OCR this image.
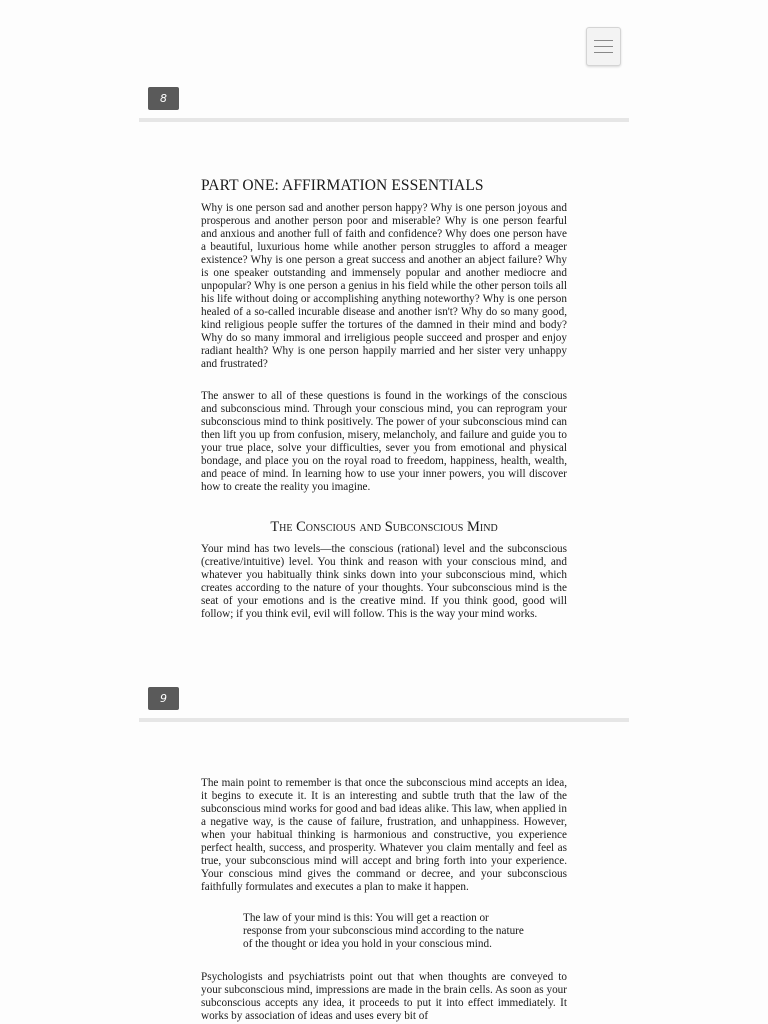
8
PART ONE: AFFIRMATION ESSENTIALS

Why is one person sad and another person happy? Why is one person joyous and prosperous and another person poor and miserable? Why is one person fearful and anxious and another full of faith and confidence? Why does one person have a beautiful, luxurious home while another person struggles to afford a meager existence? Why is one person a great success and another an abject failure? Why is one speaker outstanding and immensely popular and another mediocre and unpopular? Why is one person a genius in his field while the other person toils all his life without doing or accomplishing anything noteworthy? Why is one person healed of a so-called incurable disease and another isn't? Why do so many good, kind religious people suffer the tortures of the damned in their mind and body? Why do so many immoral and irreligious people succeed and prosper and enjoy radiant health? Why is one person happily married and her sister very unhappy and frustrated?

The answer to all of these questions is found in the workings of the conscious and subconscious mind. Through your conscious mind, you can reprogram your subconscious mind to think positively. The power of your subconscious mind can then lift you up from confusion, misery, melancholy, and failure and guide you to your true place, solve your difficulties, sever you from emotional and physical bondage, and place you on the royal road to freedom, happiness, health, wealth, and peace of mind. In learning how to use your inner powers, you will discover how to create the reality you imagine.

The Conscious and Subconscious Mind

Your mind has two levels—the conscious (rational) level and the subconscious (creative/intuitive) level. You think and reason with your conscious mind, and whatever you habitually think sinks down into your subconscious mind, which creates according to the nature of your thoughts. Your subconscious mind is the seat of your emotions and is the creative mind. If you think good, good will follow; if you think evil, evil will follow. This is the way your mind works.

9

The main point to remember is that once the subconscious mind accepts an idea, it begins to execute it. It is an interesting and subtle truth that the law of the subconscious mind works for good and bad ideas alike. This law, when applied in a negative way, is the cause of failure, frustration, and unhappiness. However, when your habitual thinking is harmonious and constructive, you experience perfect health, success, and prosperity. Whatever you claim mentally and feel as true, your subconscious mind will accept and bring forth into your experience. Your conscious mind gives the command or decree, and your subconscious faithfully formulates and executes a plan to make it happen.

The law of your mind is this: You will get a reaction or response from your subconscious mind according to the nature of the thought or idea you hold in your conscious mind.

Psychologists and psychiatrists point out that when thoughts are conveyed to your subconscious mind, impressions are made in the brain cells. As soon as your subconscious accepts any idea, it proceeds to put it into effect immediately. It works by association of ideas and uses every bit of
